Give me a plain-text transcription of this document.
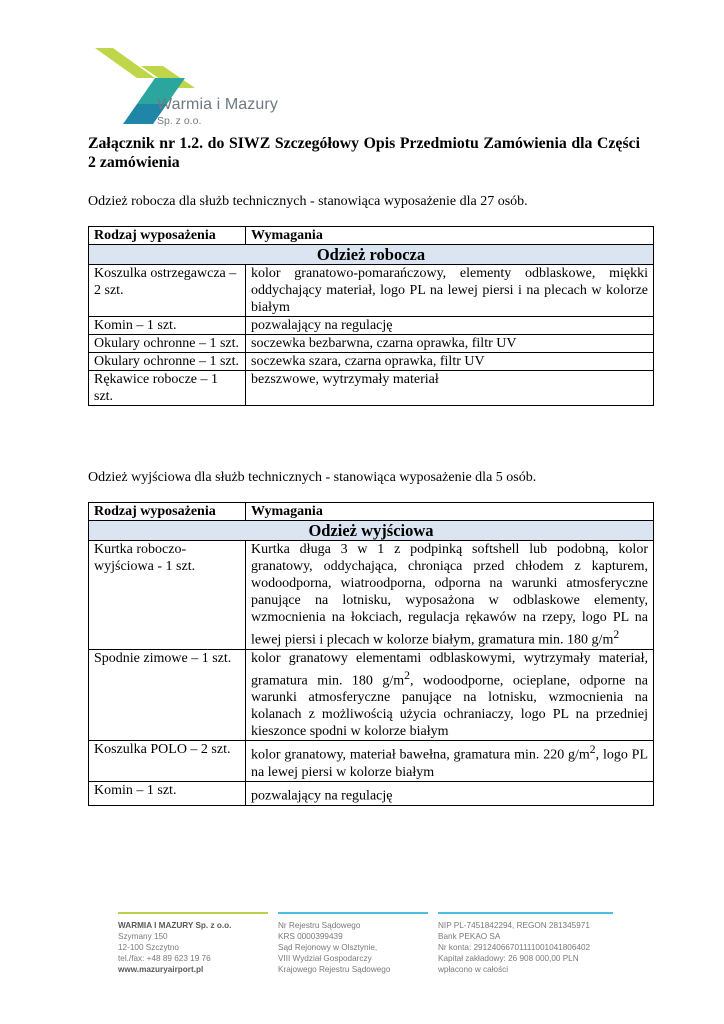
Warmia i Mazury
Sp. z o.o.
Załącznik nr 1.2. do SIWZ Szczegółowy Opis Przedmiotu Zamówienia dla Części 2 zamówienia
Odzież robocza dla służb technicznych - stanowiąca wyposażenie dla 27 osób.
Rodzaj wyposażenia	Wymagania
Odzież robocza	
Koszulka ostrzegawcza – 2 szt.	kolor granatowo-pomarańczowy, elementy odblaskowe, miękki oddychający materiał, logo PL na lewej piersi i na plecach w kolorze białym
Komin – 1 szt.	pozwalający na regulację
Okulary ochronne – 1 szt.	soczewka bezbarwna, czarna oprawka, filtr UV
Okulary ochronne – 1 szt.	soczewka szara, czarna oprawka, filtr UV
Rękawice robocze – 1 szt.	bezszwowe, wytrzymały materiał
Odzież wyjściowa dla służb technicznych - stanowiąca wyposażenie dla 5 osób.
Rodzaj wyposażenia	Wymagania
Odzież wyjściowa	
Kurtka roboczo-wyjściowa - 1 szt.	Kurtka długa 3 w 1 z podpinką softshell lub podobną, kolor granatowy, oddychająca, chroniąca przed chłodem z kapturem, wodoodporna, wiatroodporna, odporna na warunki atmosferyczne panujące na lotnisku, wyposażona w odblaskowe elementy, wzmocnienia na łokciach, regulacja rękawów na rzepy, logo PL na lewej piersi i plecach w kolorze białym, gramatura min. 180 $g/m^2$
Spodnie zimowe – 1 szt.	kolor granatowy elementami odblaskowymi, wytrzymały materiał, gramatura min. 180 $g/m^2$, wodoodporne, ocieplane, odporne na warunki atmosferyczne panujące na lotnisku, wzmocnienia na kolanach z możliwością użycia ochraniaczy, logo PL na przedniej kieszonce spodni w kolorze białym
Koszulka POLO – 2 szt.	kolor granatowy, materiał bawełna, gramatura min. 220 $g/m^2$, logo PL na lewej piersi w kolorze białym
Komin – 1 szt.	pozwalający na regulację
WARMIA I MAZURY Sp. z o.o.
Szymany 150
12-100 Szczytno
tel./fax: +48 89 623 19 76
www.mazuryairport.pl
Nr Rejestru Sądowego
KRS 0000399439
Sąd Rejonowy w Olsztynie,
VIII Wydział Gospodarczy
Krajowego Rejestru Sądowego
NIP PL-7451842294, REGON 281345971
Bank PEKAO SA
Nr konta: 29124066701111001041806402
Kapitał zakładowy: 26 908 000,00 PLN
wpłacono w całości
